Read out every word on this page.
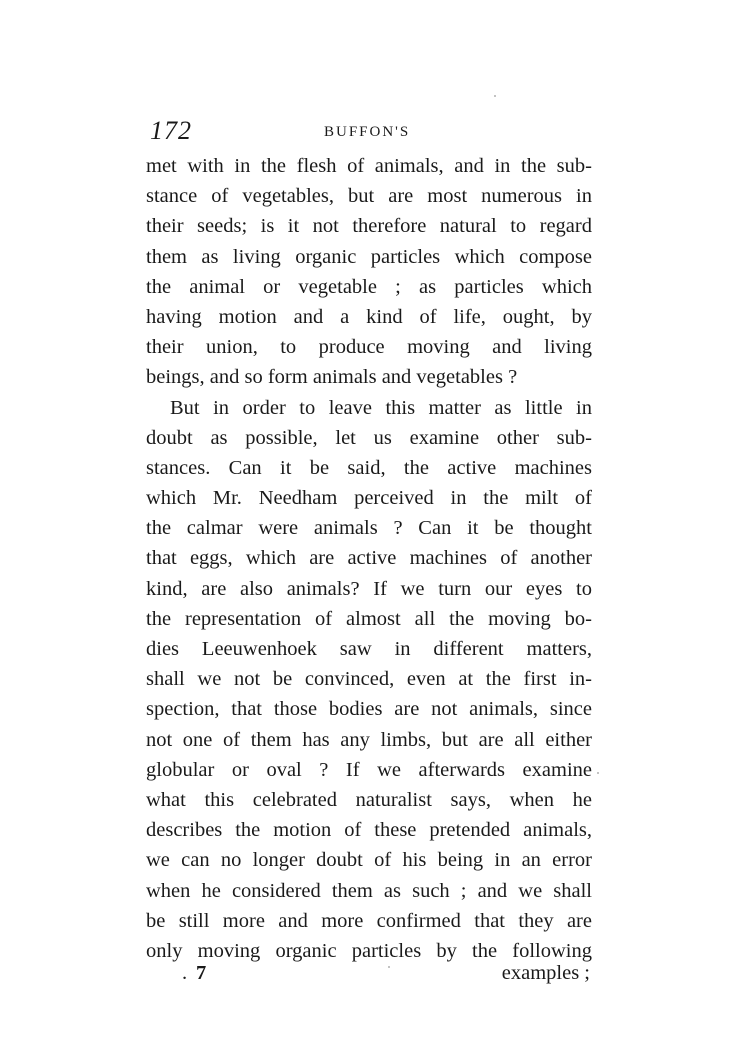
172	BUFFON'S
met with in the flesh of animals, and in the sub-
stance of vegetables, but are most numerous in
their seeds; is it not therefore natural to regard
them as living organic particles which compose
the animal or vegetable ; as particles which
having motion and a kind of life, ought, by
their union, to produce moving and living
beings, and so form animals and vegetables ?
But in order to leave this matter as little in
doubt as possible, let us examine other sub-
stances. Can it be said, the active machines
which Mr. Needham perceived in the milt of
the calmar were animals ? Can it be thought
that eggs, which are active machines of another
kind, are also animals? If we turn our eyes to
the representation of almost all the moving bo-
dies Leeuwenhoek saw in different matters,
shall we not be convinced, even at the first in-
spection, that those bodies are not animals, since
not one of them has any limbs, but are all either
globular or oval ? If we afterwards examine
what this celebrated naturalist says, when he
describes the motion of these pretended animals,
we can no longer doubt of his being in an error
when he considered them as such ; and we shall
be still more and more confirmed that they are
only moving organic particles by the following
. 7	examples ;
